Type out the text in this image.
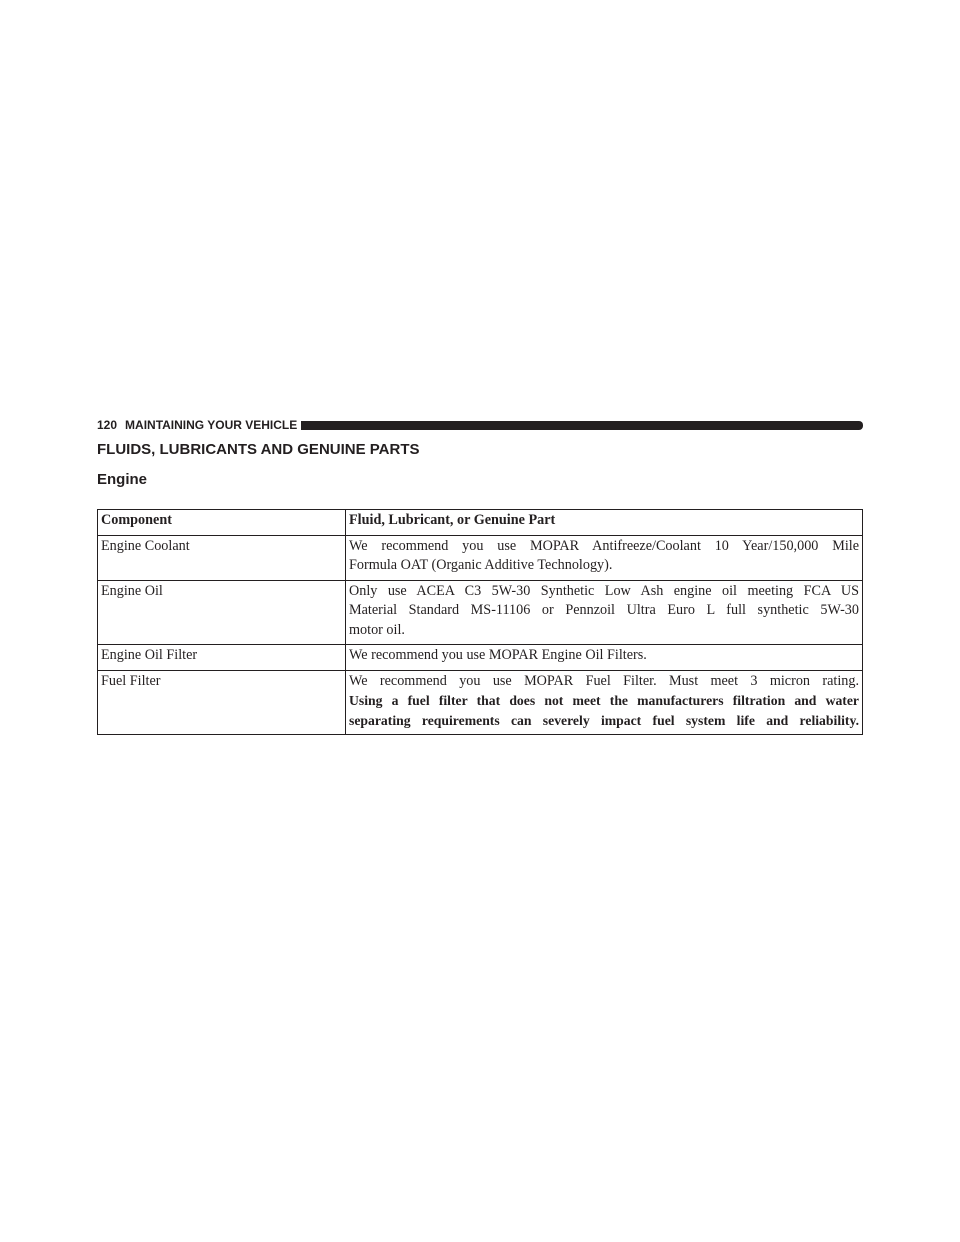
120 MAINTAINING YOUR VEHICLE
FLUIDS, LUBRICANTS AND GENUINE PARTS
Engine
Component	Fluid, Lubricant, or Genuine Part
Engine Coolant	We recommend you use MOPAR Antifreeze/Coolant 10 Year/150,000 Mile
Formula OAT (Organic Additive Technology).

Engine Oil	Only use ACEA C3 5W-30 Synthetic Low Ash engine oil meeting FCA US
Material Standard MS-11106 or Pennzoil Ultra Euro L full synthetic 5W-30
motor oil.

Engine Oil Filter	We recommend you use MOPAR Engine Oil Filters.

Fuel Filter	We recommend you use MOPAR Fuel Filter. Must meet 3 micron rating.
Using a fuel filter that does not meet the manufacturers filtration and water
separating requirements can severely impact fuel system life and reliability.
